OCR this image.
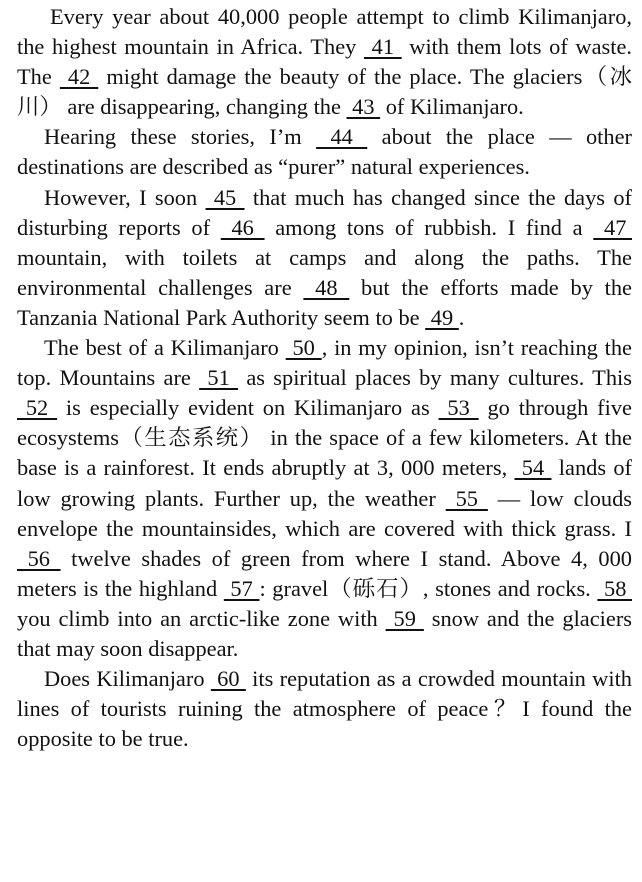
Every year about 40,000 people attempt to climb Kilimanjaro, the highest mountain in Africa. They  41  with them lots of waste. The  42  might damage the beauty of the place. The glaciers（冰川） are disappearing, changing the  43  of Kilimanjaro.

Hearing these stories, I’m  44  about the place — other destinations are described as “purer” natural experiences.

However, I soon  45  that much has changed since the days of disturbing reports of  46  among tons of rubbish. I find a  47  mountain, with toilets at camps and along the paths. The environmental challenges are  48  but the efforts made by the Tanzania National Park Authority seem to be  49 .

The best of a Kilimanjaro  50 , in my opinion, isn’t reaching the top. Mountains are  51  as spiritual places by many cultures. This  52  is especially evident on Kilimanjaro as  53  go through five ecosystems（生态系统） in the space of a few kilometers. At the base is a rainforest. It ends abruptly at 3, 000 meters,  54  lands of low growing plants. Further up, the weather  55  — low clouds envelope the mountainsides, which are covered with thick grass. I  56  twelve shades of green from where I stand. Above 4, 000 meters is the highland  57 : gravel（砾石）, stones and rocks.  58  you climb into an arctic-like zone with  59  snow and the glaciers that may soon disappear.

Does Kilimanjaro  60  its reputation as a crowded mountain with lines of tourists ruining the atmosphere of peace？I found the opposite to be true.
